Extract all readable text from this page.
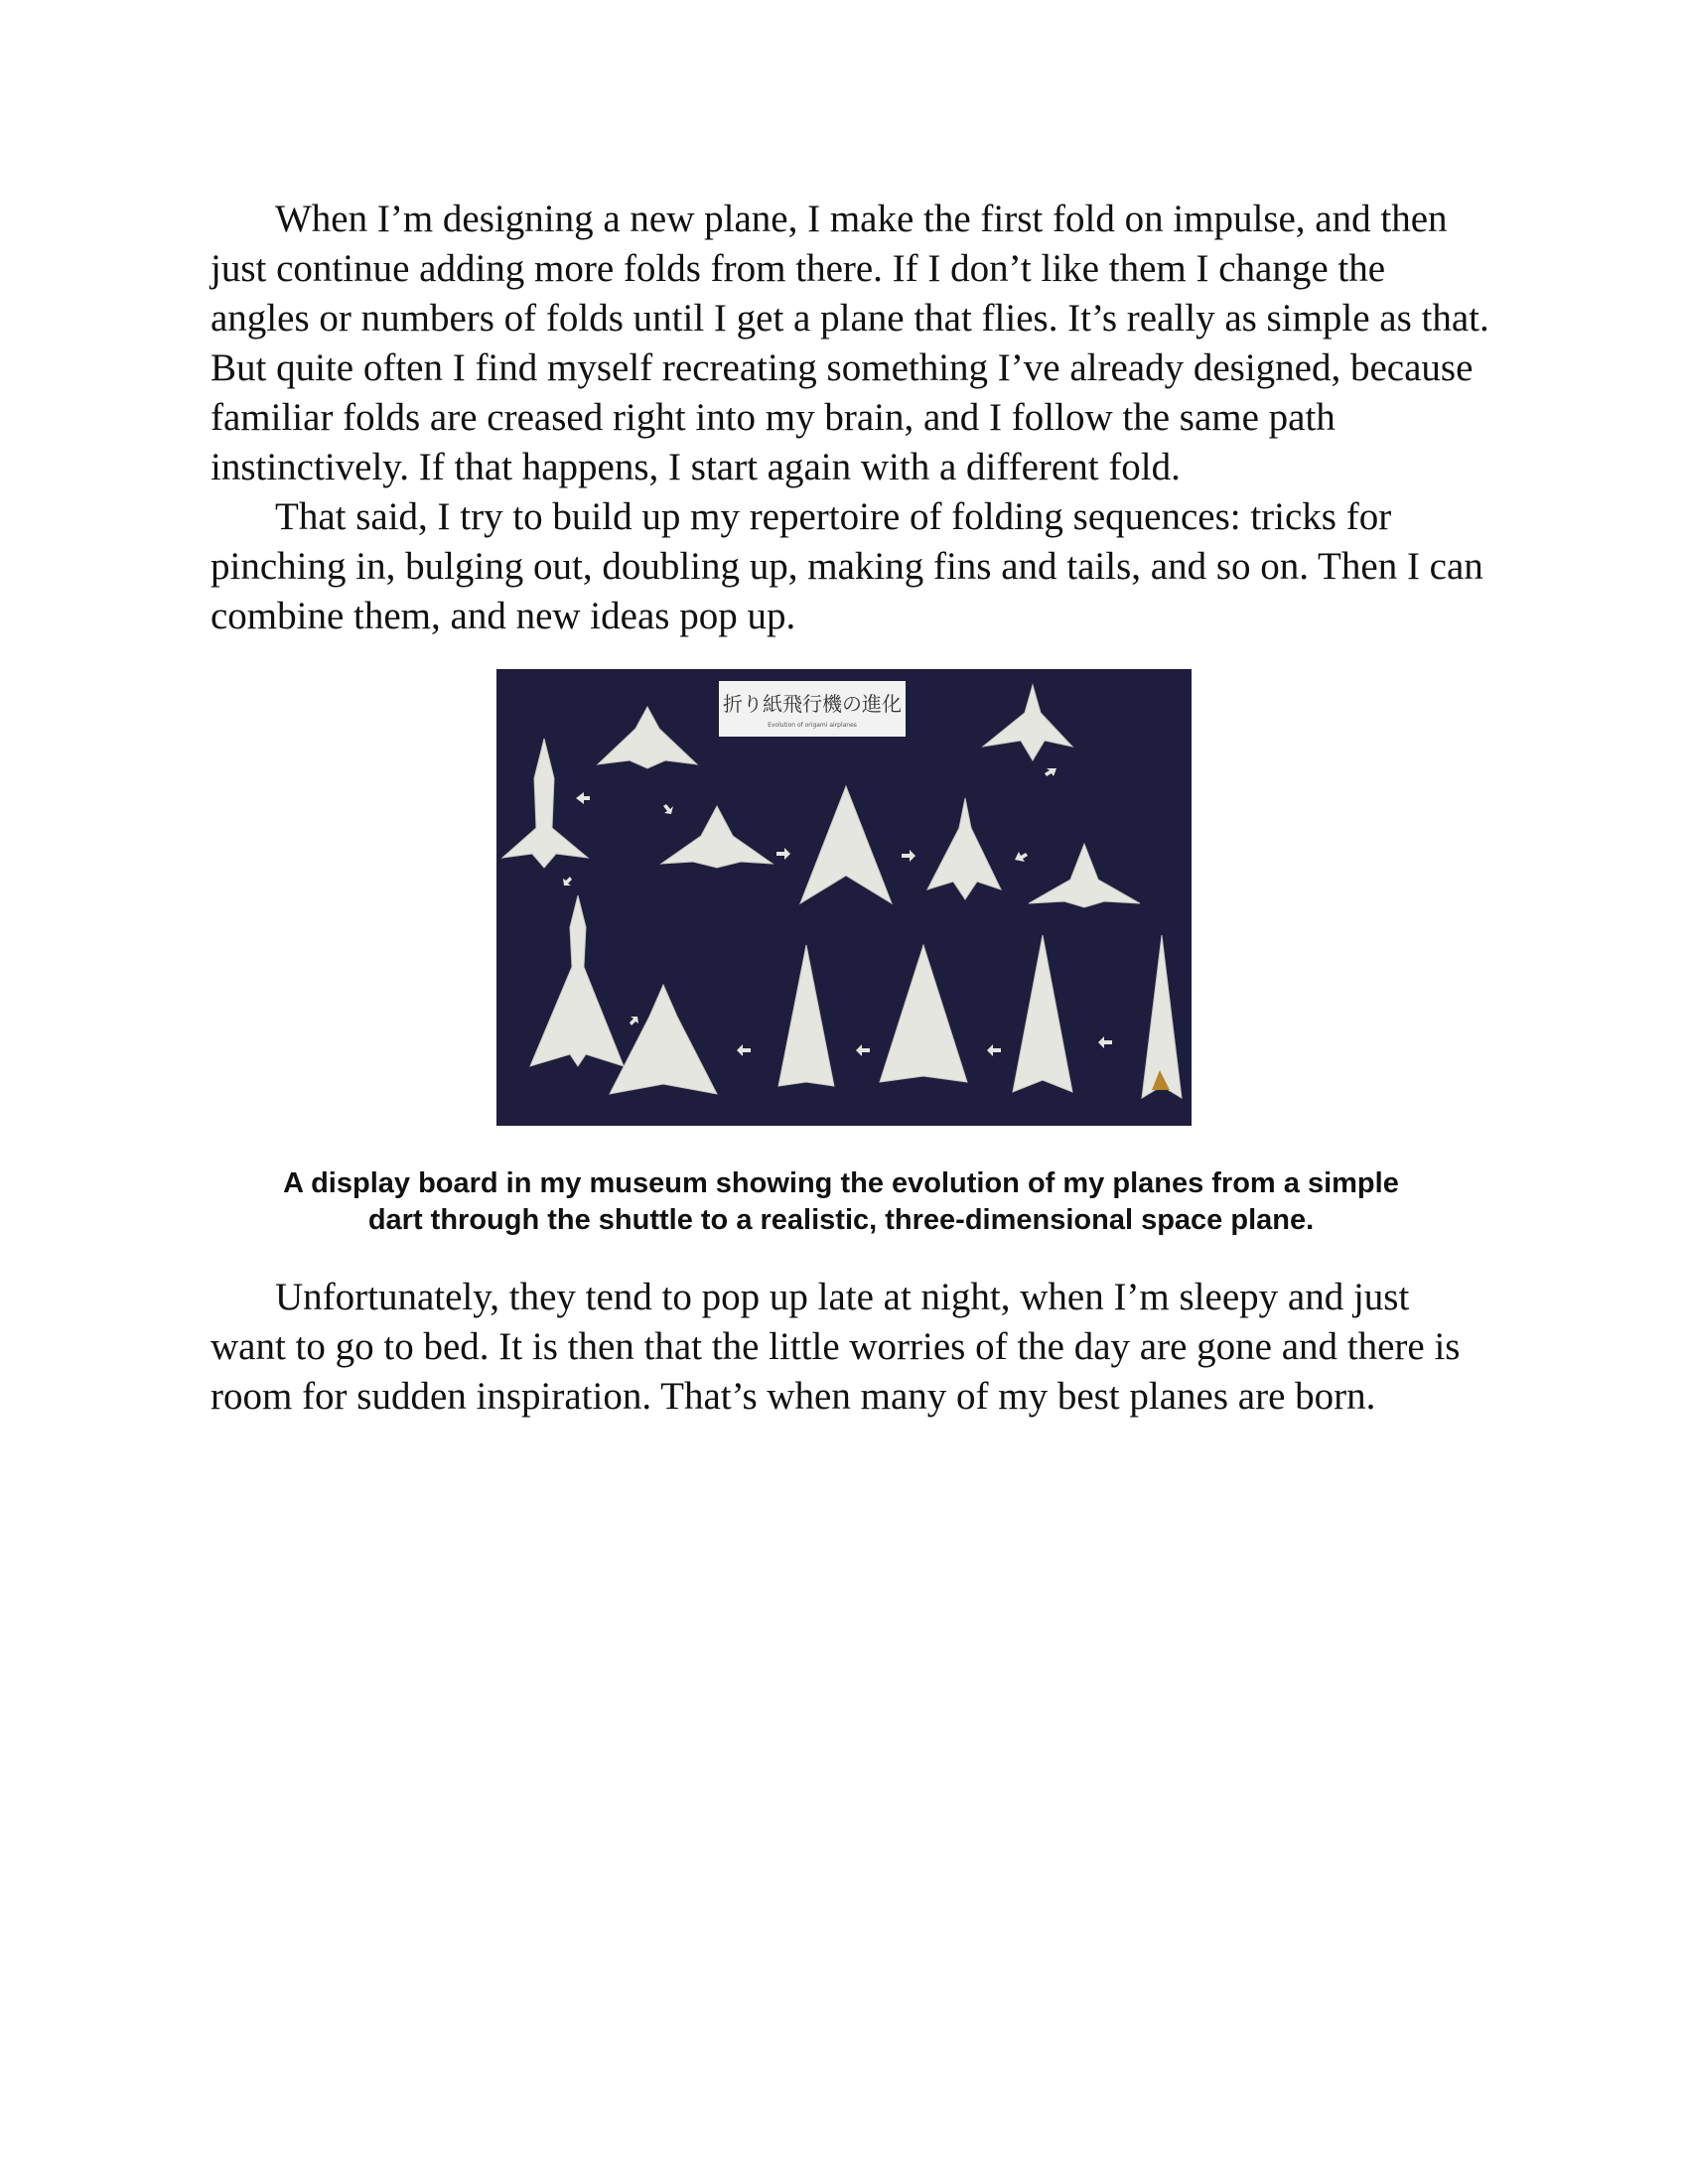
When I’m designing a new plane, I make the first fold on impulse, and then just continue adding more folds from there. If I don’t like them I change the angles or numbers of folds until I get a plane that flies. It’s really as simple as that. But quite often I find myself recreating something I’ve already designed, because familiar folds are creased right into my brain, and I follow the same path instinctively. If that happens, I start again with a different fold.

That said, I try to build up my repertoire of folding sequences: tricks for pinching in, bulging out, doubling up, making fins and tails, and so on. Then I can combine them, and new ideas pop up.

折り紙飛行機の進化
Evolution of origami airplanes

A display board in my museum showing the evolution of my planes from a simple
dart through the shuttle to a realistic, three-dimensional space plane.

Unfortunately, they tend to pop up late at night, when I’m sleepy and just want to go to bed. It is then that the little worries of the day are gone and there is room for sudden inspiration. That’s when many of my best planes are born.
